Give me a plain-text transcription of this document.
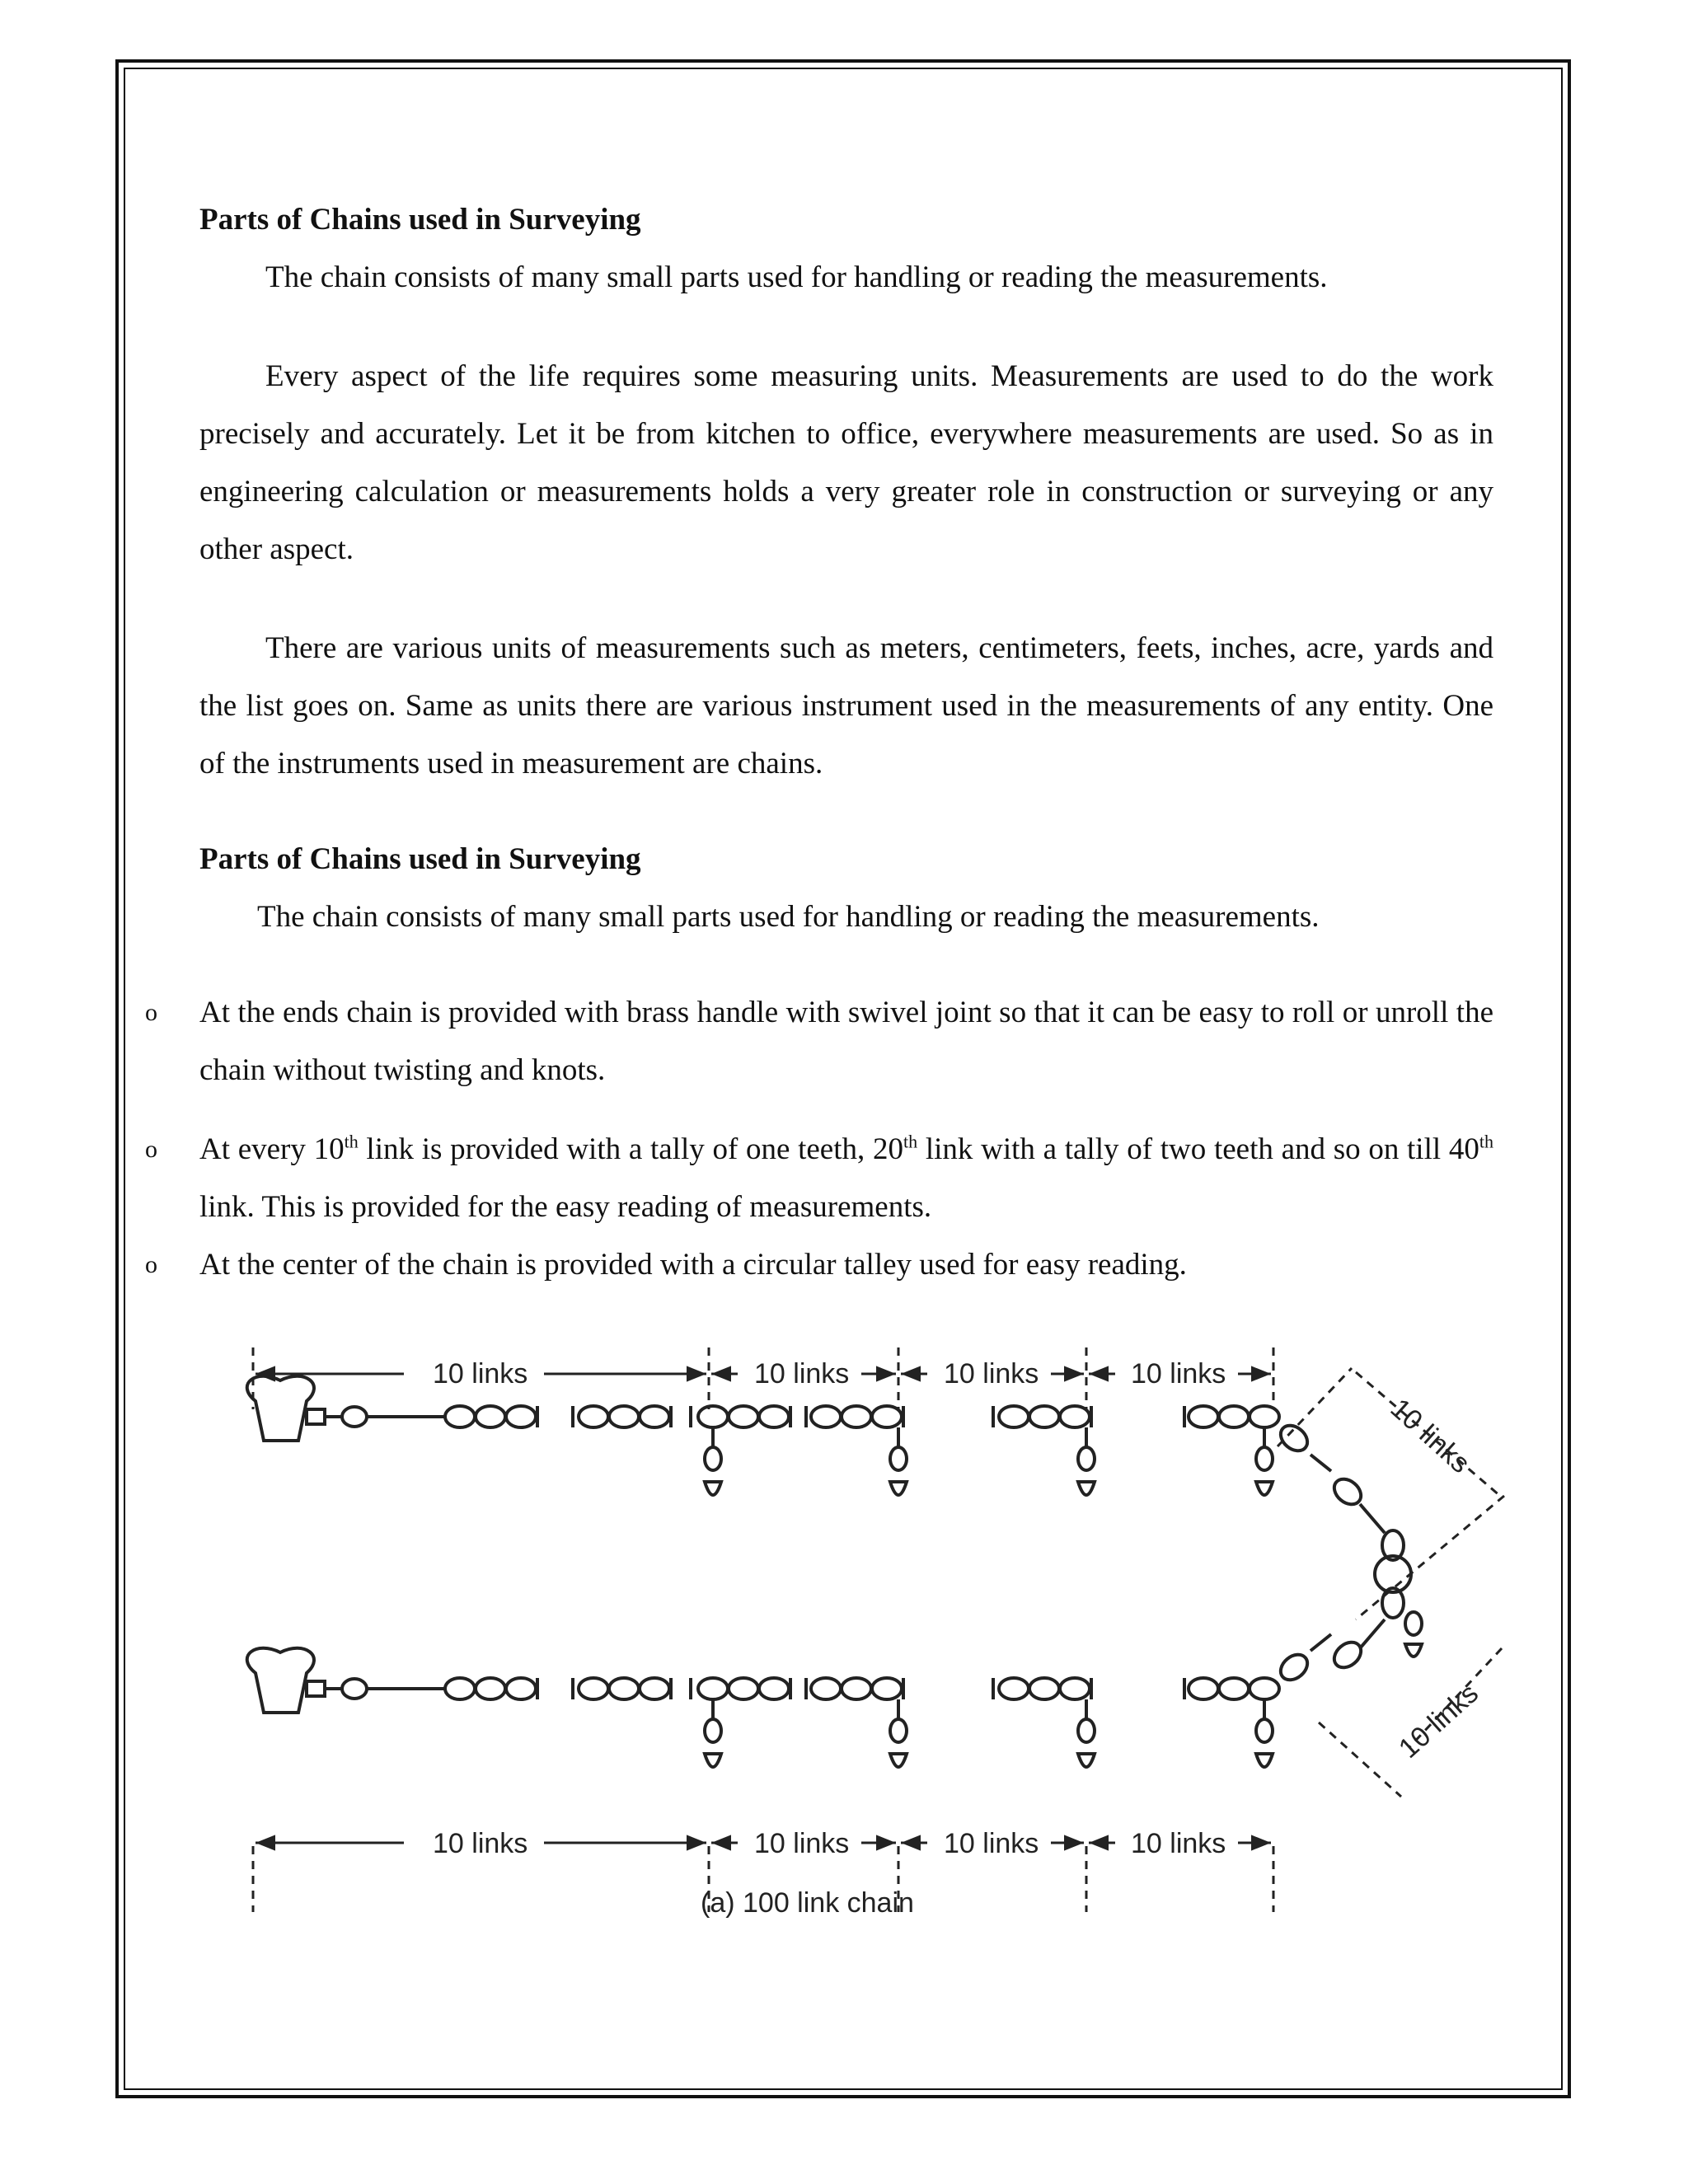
Parts of Chains used in Surveying

The chain consists of many small parts used for handling or reading the measurements.

Every aspect of the life requires some measuring units. Measurements are used to do the work precisely and accurately. Let it be from kitchen to office, everywhere measurements are used. So as in engineering calculation or measurements holds a very greater role in construction or surveying or any other aspect.

There are various units of measurements such as meters, centimeters, feets, inches, acre, yards and the list goes on. Same as units there are various instrument used in the measurements of any entity. One of the instruments used in measurement are chains.

Parts of Chains used in Surveying

The chain consists of many small parts used for handling or reading the measurements.

o At the ends chain is provided with brass handle with swivel joint so that it can be easy to roll or unroll the chain without twisting and knots.
o At every 10th link is provided with a tally of one teeth, 20th link with a tally of two teeth and so on till 40th link. This is provided for the easy reading of measurements.
o At the center of the chain is provided with a circular talley used for easy reading.
10 links	10 links	10 links	10 links
10 links	10 links	10 links	10 links
10 links
10 links
(a) 100 link chain
